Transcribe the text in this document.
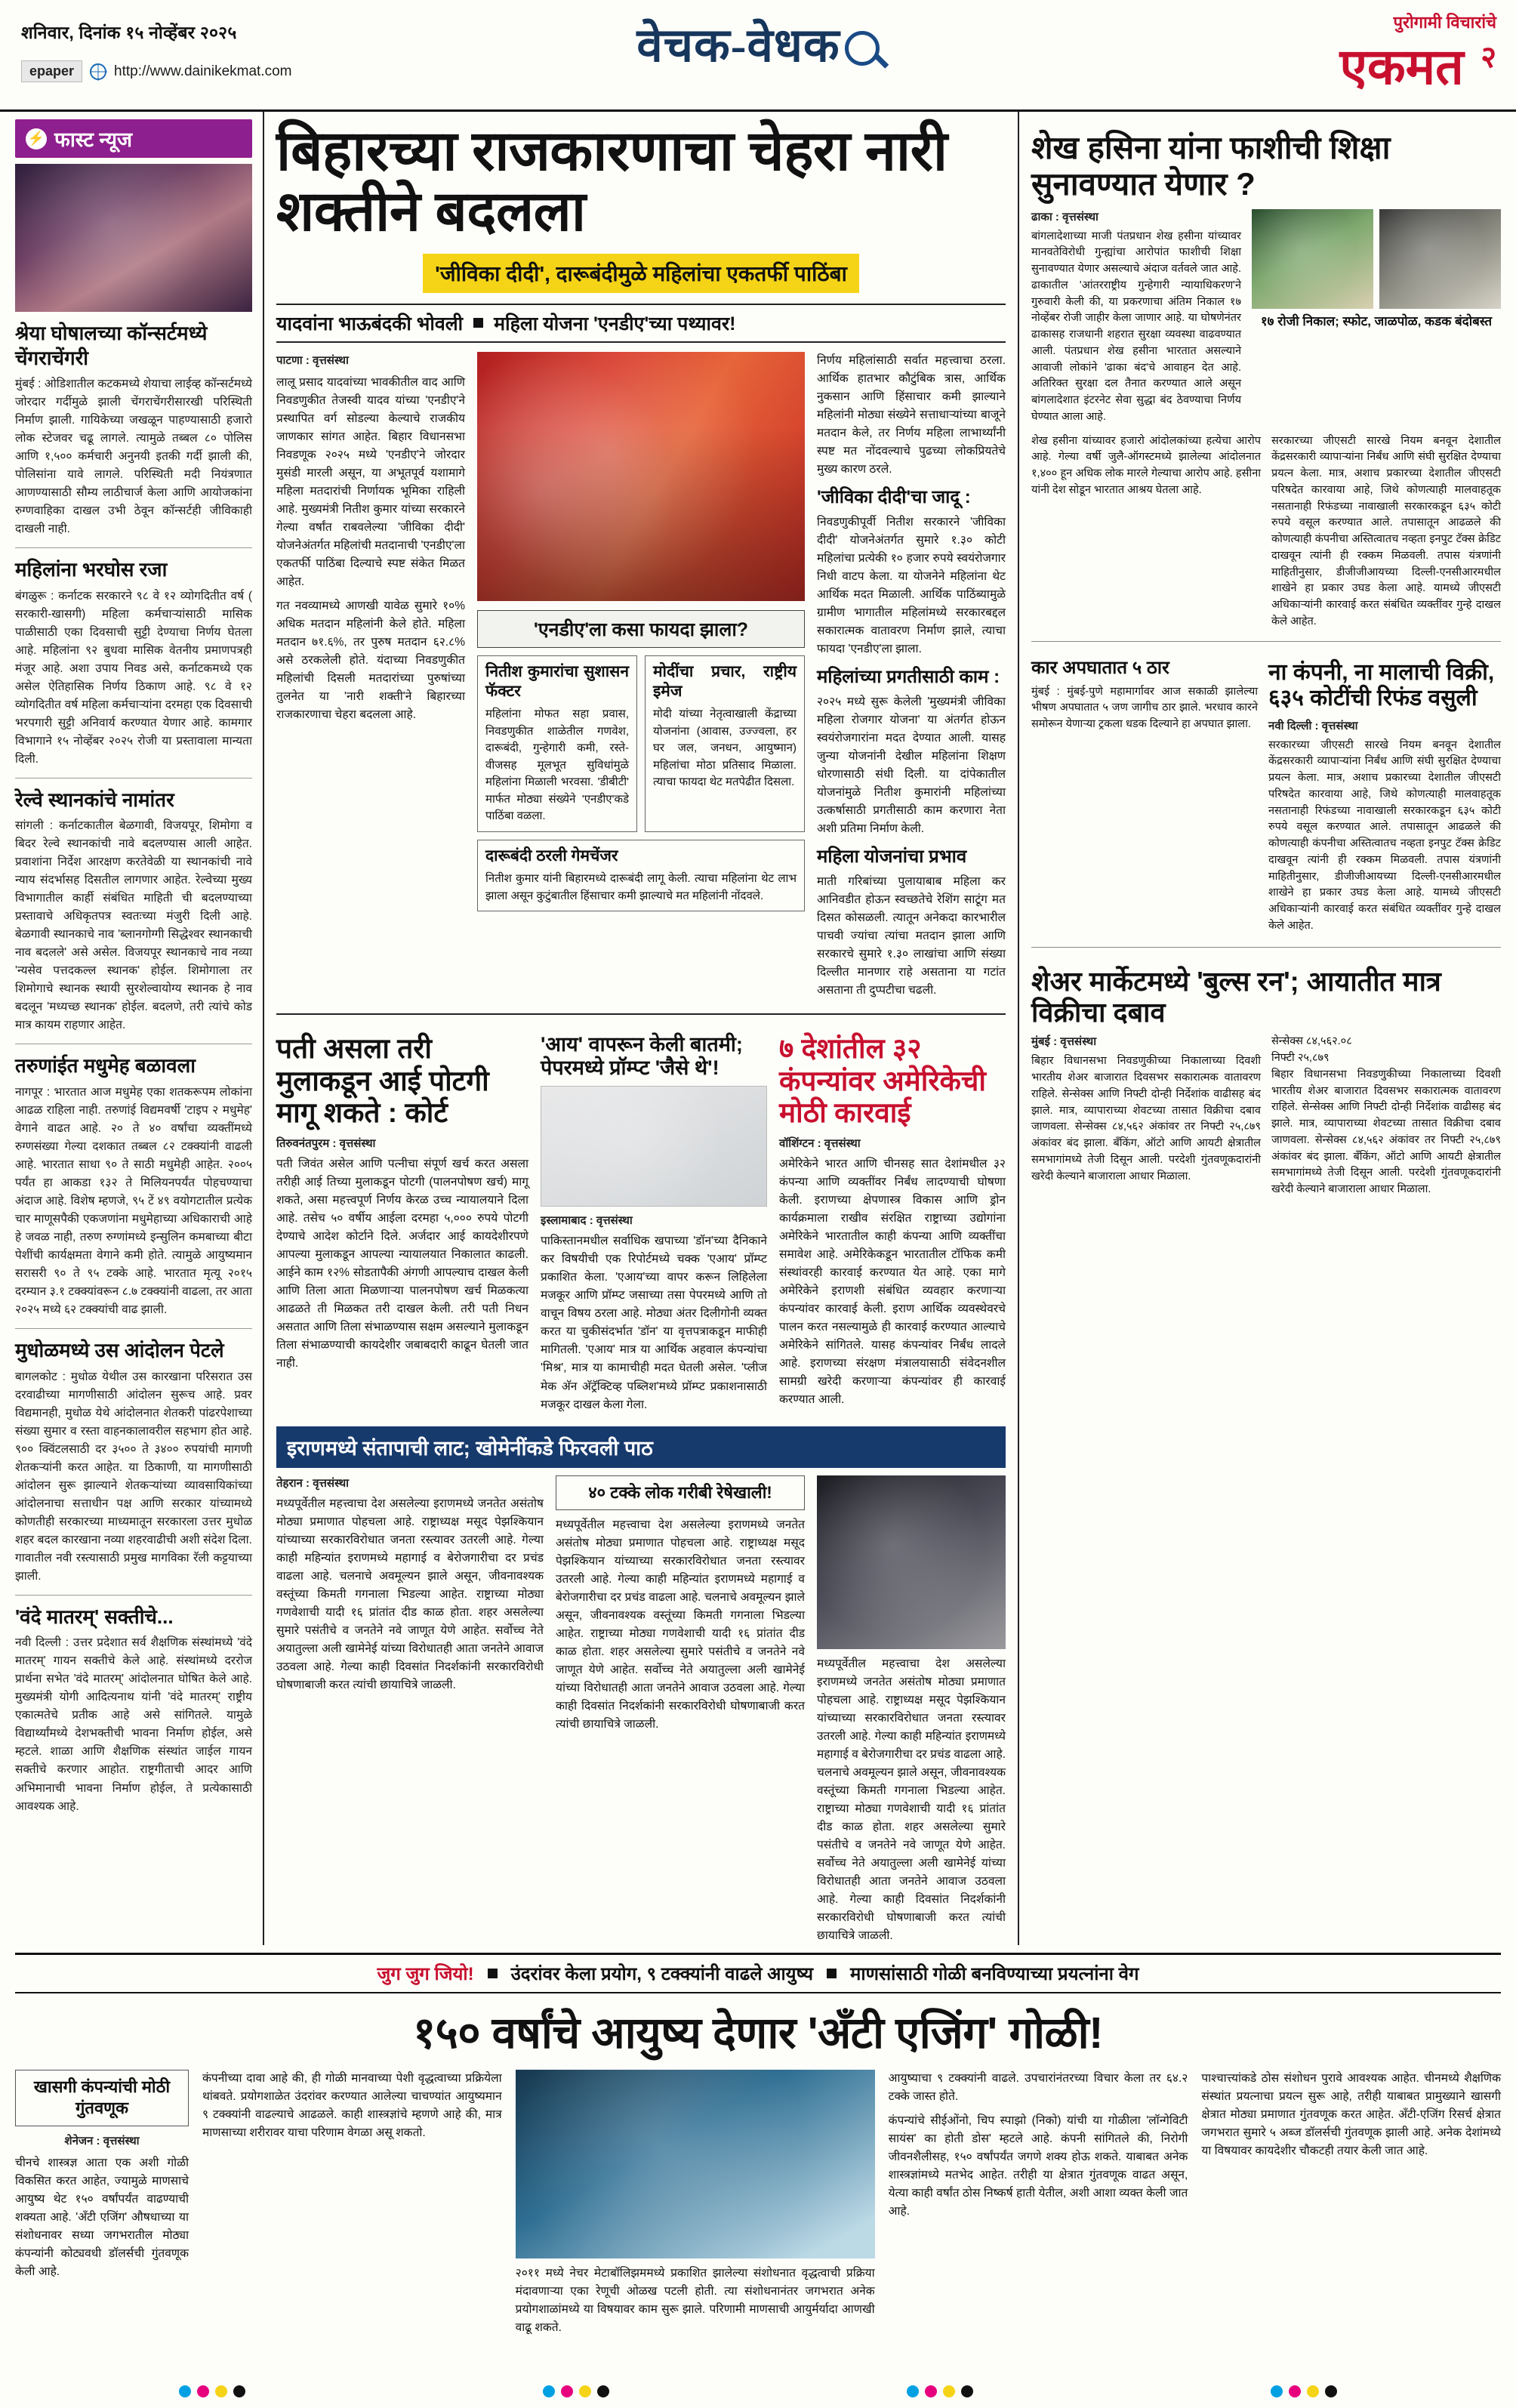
शनिवार, दिनांक १५ नोव्हेंबर २०२५
epaper	http://www.dainikekmat.com	वेचक-वेधक	पुरोगामी विचारांचे
एकमत २
⚡ फास्ट न्यूज
श्रेया घोषालच्या कॉन्सर्टमध्ये चेंगराचेंगरी
मुंबई : ओडिशातील कटकमध्ये शेयाचा लाईव्ह कॉन्सर्टमध्ये जोरदार गर्दीमुळे झाली चेंगराचेंगरीसारखी परिस्थिती निर्माण झाली. गायिकेच्या जखळून पाहण्यासाठी हजारो लोक स्टेजवर चढू लागले. त्यामुळे तब्बल ८० पोलिस आणि १,५०० कर्मचारी अनुनयी इतकी गर्दी झाली की, पोलिसांना यावे लागले. परिस्थिती मदी नियंत्रणात आणण्यासाठी सौम्य लाठीचार्ज केला आणि आयोजकांना रुग्णवाहिका दाखल उभी ठेवून कॉन्सर्टही जीविकाही दाखली नाही.
महिलांना भरघोस रजा
बंगळुरू : कर्नाटक सरकारने ९८ वे १२ व्योगदितीत वर्ष ( सरकारी-खासगी) महिला कर्मचाऱ्यांसाठी मासिक पाळीसाठी एका दिवसाची सुट्टी देण्याचा निर्णय घेतला आहे. महिलांना ९२ बुधवा मासिक वेतनीय प्रमाणपत्रही मंजूर आहे. अशा उपाय निवड असे, कर्नाटकमध्ये एक असेल ऐतिहासिक निर्णय ठिकाण आहे. ९८ वे १२ व्योगदितीत वर्ष महिला कर्मचाऱ्यांना दरमहा एक दिवसाची भरपगारी सुट्टी अनिवार्य करण्यात येणार आहे. कामगार विभागाने १५ नोव्हेंबर २०२५ रोजी या प्रस्तावाला मान्यता दिली.
रेल्वे स्थानकांचे नामांतर
सांगली : कर्नाटकातील बेळगावी, विजयपूर, शिमोगा व बिदर रेल्वे स्थानकांची नावे बदलण्यास आली आहेत. प्रवाशांना निर्देश आरक्षण करतेवेळी या स्थानकांची नावे न्याय संदर्भासह दिसतील लागणार आहेत. रेल्वेच्या मुख्य विभागातील कार्ही संबंधित माहिती ची बदलण्याच्या प्रस्तावाचे अधिकृतपत्र स्वतःच्या मंजुरी दिली आहे. बेळगावी स्थानकाचे नाव 'ब्लानगोग्गी सिद्धेश्वर स्थानकाची नाव बदलले' असे असेल. विजयपूर स्थानकाचे नाव नव्या 'न्यसेव पत्तदकल्ल स्थानक' होईल. शिमोगाला तर शिमोगाचे स्थानक स्थायी सुरशेल्वायोग्य स्थानक हे नाव बदलून 'मध्यच्छ स्थानक' होईल. बदलणे, तरी त्यांचे कोड मात्र कायम राहणार आहेत.
तरुणांईत मधुमेह बळावला
नागपूर : भारतात आज मधुमेह एका शतकरूपम लोकांना आढळ राहिला नाही. तरुणांई विद्यमवर्षी 'टाइप २ मधुमेह' वेगाने वाढत आहे. २० ते ४० वर्षांचा व्यक्तींमध्ये रुग्णसंख्या गेल्या दशकात तब्बल ८२ टक्क्यांनी वाढली आहे. भारतात साधा ९० ते साठी मधुमेही आहेत. २००५ पर्यंत हा आकडा १३२ ते मिलियनपर्यंत पोहचण्याचा अंदाज आहे. विशेष म्हणजे, ९५ टें ४९ वयोगटातील प्रत्येक चार माणूसपैकी एकजणांना मधुमेहाच्या अधिकाराची आहे हे जवळ नाही, तरुण रुग्णांमध्ये इन्सुलिन कमबाच्या बीटा पेशींची कार्यक्षमता वेगाने कमी होते. त्यामुळे आयुष्यमान सरासरी ९० ते ९५ टक्के आहे. भारतात मृत्यू २०१५ दरम्यान ३.१ टक्क्यांवरून ८.७ टक्क्यांनी वाढला, तर आता २०२५ मध्ये ६२ टक्क्यांची वाढ झाली.
मुधोळमध्ये उस आंदोलन पेटले
बागलकोट : मुधोळ येथील उस कारखाना परिसरात उस दरवाढीच्या मागणीसाठी आंदोलन सुरूच आहे. प्रवर विद्यमानही, मुधोळ येथे आंदोलनात शेतकरी पांढरपेशाच्या संख्या सुमार व रस्ता वाहनकालावरील सहभाग होत आहे. ९०० क्विंटलसाठी दर ३५०० ते ३४०० रुपयांची मागणी शेतकऱ्यांनी करत आहेत. या ठिकाणी, या मागणीसाठी आंदोलन सुरू झाल्याने शेतकऱ्यांच्या व्यावसायिकांच्या आंदोलनाचा सत्ताधीन पक्ष आणि सरकार यांच्यामध्ये कोणतीही सरकारच्या माध्यमातून सरकारला उत्तर मुधोळ शहर बदल कारखाना नव्या शहरवाढीची अशी संदेश दिला. गावातील नवी रस्त्यासाठी प्रमुख मागविका रॅली कट्टयाच्या झाली.
'वंदे मातरम्' सक्तीचे...
नवी दिल्ली : उत्तर प्रदेशात सर्व शैक्षणिक संस्थांमध्ये 'वंदे मातरम्' गायन सक्तीचे केले आहे. संस्थांमध्ये दररोज प्रार्थना सभेत 'वंदे मातरम्' आंदोलनात घोषित केले आहे. मुख्यमंत्री योगी आदित्यनाथ यांनी 'वंदे मातरम्' राष्ट्रीय एकात्मतेचे प्रतीक आहे असे सांगितले. यामुळे विद्यार्थ्यांमध्ये देशभक्तीची भावना निर्माण होईल, असे म्हटले. शाळा आणि शैक्षणिक संस्थांत जाईल गायन सक्तीचे करणार आहोत. राष्ट्रगीताची आदर आणि अभिमानाची भावना निर्माण होईल, ते प्रत्येकासाठी आवश्यक आहे.
बिहारच्या राजकारणाचा चेहरा नारी शक्तीने बदलला
'जीविका दीदी', दारूबंदीमुळे महिलांचा एकतर्फी पाठिंबा
यादवांना भाऊबंदकी भोवली महिला योजना 'एनडीए'च्या पथ्यावर!
पाटणा : वृत्तसंस्था
लालू प्रसाद यादवांच्या भावकीतील वाद आणि निवडणुकीत तेजस्वी यादव यांच्या 'एनडीए'ने प्रस्थापित वर्ग सोडल्या केल्याचे राजकीय जाणकार सांगत आहेत. बिहार विधानसभा निवडणूक २०२५ मध्ये 'एनडीए'ने जोरदार मुसंडी मारली असून, या अभूतपूर्व यशामागे महिला मतदारांची निर्णायक भूमिका राहिली आहे. मुख्यमंत्री नितीश कुमार यांच्या सरकारने गेल्या वर्षांत राबवलेल्या 'जीविका दीदी' योजनेअंतर्गत महिलांची मतदानाची 'एनडीए'ला एकतर्फी पाठिंबा दिल्याचे स्पष्ट संकेत मिळत आहेत.
गत नवव्यामध्ये आणखी यावेळ सुमारे १०% अधिक मतदान महिलांनी केले होते. महिला मतदान ७१.६%, तर पुरुष मतदान ६२.८% असे ठरकलेली होते. यंदाच्या निवडणुकीत महिलांची दिसली मतदारांच्या पुरुषांच्या तुलनेत या 'नारी शक्ती'ने बिहारच्या राजकारणाचा चेहरा बदलला आहे.
'एनडीए'ला कसा फायदा झाला?
नितीश कुमारांचा सुशासन फॅक्टर
महिलांना मोफत सहा प्रवास, निवडणुकीत शाळेतील गणवेश, दारूबंदी, गुन्हेगारी कमी, रस्ते-वीजसह मूलभूत सुविधांमुळे महिलांना मिळाली भरवसा. 'डीबीटी' मार्फत मोठ्या संख्येने 'एनडीए'कडे पाठिंबा वळला.
मोदींचा प्रचार, राष्ट्रीय इमेज
मोदी यांच्या नेतृत्वाखाली केंद्राच्या योजनांना (आवास, उज्ज्वला, हर घर जल, जनधन, आयुष्मान) महिलांचा मोठा प्रतिसाद मिळाला. त्याचा फायदा थेट मतपेढीत दिसला.
दारूबंदी ठरली गेमचेंजर
नितीश कुमार यांनी बिहारमध्ये दारूबंदी लागू केली. त्याचा महिलांना थेट लाभ झाला असून कुटुंबातील हिंसाचार कमी झाल्याचे मत महिलांनी नोंदवले.
निर्णय महिलांसाठी सर्वात महत्त्वाचा ठरला. आर्थिक हातभार कौटुंबिक त्रास, आर्थिक नुकसान आणि हिंसाचार कमी झाल्याने महिलांनी मोठ्या संख्येने सत्ताधाऱ्यांच्या बाजूने मतदान केले, तर निर्णय महिला लाभार्थ्यांनी स्पष्ट मत नोंदवल्याचे पुढच्या लोकप्रियतेचे मुख्य कारण ठरले.
'जीविका दीदी'चा जादू :
निवडणुकीपूर्वी नितीश सरकारने 'जीविका दीदी' योजनेअंतर्गत सुमारे १.३० कोटी महिलांचा प्रत्येकी १० हजार रुपये स्वयंरोजगार निधी वाटप केला. या योजनेने महिलांना थेट आर्थिक मदत मिळाली. आर्थिक पाठिंब्यामुळे ग्रामीण भागातील महिलांमध्ये सरकारबद्दल सकारात्मक वातावरण निर्माण झाले, त्याचा फायदा 'एनडीए'ला झाला.
महिलांच्या प्रगतीसाठी काम :
२०२५ मध्ये सुरू केलेली 'मुख्यमंत्री जीविका महिला रोजगार योजना' या अंतर्गत होऊन स्वयंरोजगारांना मदत देण्यात आली. यासह जुन्या योजनांनी देखील महिलांना शिक्षण धोरणासाठी संधी दिली. या दांपेकातील योजनांमुळे नितीश कुमारांनी महिलांच्या उत्कर्षासाठी प्रगतीसाठी काम करणारा नेता अशी प्रतिमा निर्माण केली.
महिला योजनांचा प्रभाव
माती गरिबांच्या पुलायाबाब महिला कर आनिवडीत होऊन स्वच्छतेचे रेशिंग साटूंग मत दिसत कोसळली. त्यातून अनेकदा कारभारील पाचवी ज्यांचा त्यांचा मतदान झाला आणि सरकारचे सुमारे १.३० लाखांचा आणि संख्या दिल्लीत मानणार राहे असताना या गटांत असताना ती दुप्पटीचा चढली.
पती असला तरी मुलाकडून आई पोटगी मागू शकते : कोर्ट
तिरुवनंतपुरम : वृत्तसंस्था
पती जिवंत असेल आणि पत्नीचा संपूर्ण खर्च करत असला तरीही आई तिच्या मुलाकडून पोटगी (पालनपोषण खर्च) मागू शकते, असा महत्त्वपूर्ण निर्णय केरळ उच्च न्यायालयाने दिला आहे. तसेच ५० वर्षीय आईला दरमहा ५,००० रुपये पोटगी देण्याचे आदेश कोर्टाने दिले. अर्जदार आई कायदेशीरपणे आपल्या मुलाकडून आपल्या न्यायालयात निकालात काढली. आईने काम १२% सोडतापैकी अंगणी आपल्याच दाखल केली आणि तिला आता मिळणाऱ्या पालनपोषण खर्च मिळकत्या आढळते ती मिळकत तरी दाखल केली. तरी पती निधन असतात आणि तिला संभाळण्यास सक्षम असल्याने मुलाकडून तिला संभाळण्याची कायदेशीर जबाबदारी काढून घेतली जात नाही.
'आय' वापरून केली बातमी; पेपरमध्ये प्रॉम्प्ट 'जैसे थे'!
इस्लामाबाद : वृत्तसंस्था
पाकिस्तानमधील सर्वाधिक खपाच्या 'डॉन'च्या दैनिकाने कर विषयीची एक रिपोर्टमध्ये चक्क 'एआय' प्रॉम्प्ट प्रकाशित केला. 'एआय'च्या वापर करून लिहिलेला मजकूर आणि प्रॉम्प्ट जसाच्या तसा पेपरमध्ये आणि तो वाचून विषय ठरला आहे. मोठ्या अंतर दिलीगोनी व्यक्त करत या चुकीसंदर्भात 'डॉन' या वृत्तपत्राकडून माफीही मागितली. 'एआय' मात्र या आर्थिक अहवाल कंपन्यांचा 'मिश्र', मात्र या कामाचीही मदत घेतली असेल. 'प्लीज मेक अ‍ॅन अ‍ॅट्रॅक्टिव्ह पब्लिश'मध्ये प्रॉम्प्ट प्रकाशनासाठी मजकूर दाखल केला गेला.
७ देशांतील ३२ कंपन्यांवर अमेरिकेची मोठी कारवाई
वॉशिंग्टन : वृत्तसंस्था
अमेरिकेने भारत आणि चीनसह सात देशांमधील ३२ कंपन्या आणि व्यक्तींवर निर्बंध लादण्याची घोषणा केली. इराणच्या क्षेपणास्त्र विकास आणि ड्रोन कार्यक्रमाला राखीव संरक्षित राष्ट्राच्या उद्योगांना अमेरिकेने भारतातील काही कंपन्या आणि व्यक्तींचा समावेश आहे. अमेरिकेकडून भारतातील टॉफिक कमी संस्थांवरही कारवाई करण्यात येत आहे. एका मागे अमेरिकेने इराणशी संबंधित व्यवहार करणाऱ्या कंपन्यांवर कारवाई केली. इराण आर्थिक व्यवस्थेवरचे पालन करत नसल्यामुळे ही कारवाई करण्यात आल्याचे अमेरिकेने सांगितले. यासह कंपन्यांवर निर्बंध लादले आहे. इराणच्या संरक्षण मंत्रालयासाठी संवेदनशील सामग्री खरेदी करणाऱ्या कंपन्यांवर ही कारवाई करण्यात आली.
इराणमध्ये संतापाची लाट; खोमेनींकडे फिरवली पाठ
तेहरान : वृत्तसंस्था
मध्यपूर्वेतील महत्त्वाचा देश असलेल्या इराणमध्ये जनतेत असंतोष मोठ्या प्रमाणात पोहचला आहे. राष्ट्राध्यक्ष मसूद पेझश्कियान यांच्याच्या सरकारविरोधात जनता रस्त्यावर उतरली आहे. गेल्या काही महिन्यांत इराणमध्ये महागाई व बेरोजगारीचा दर प्रचंड वाढला आहे. चलनाचे अवमूल्यन झाले असून, जीवनावश्यक वस्तूंच्या किमती गगनाला भिडल्या आहेत. राष्ट्राच्या मोठ्या गणवेशाची यादी १६ प्रांतांत दीड काळ होता. शहर असलेल्या सुमारे पसंतीचे व जनतेने नवे जाणूत येणे आहेत. सर्वोच्च नेते अयातुल्ला अली खामेनेई यांच्या विरोधातही आता जनतेने आवाज उठवला आहे. गेल्या काही दिवसांत निदर्शकांनी सरकारविरोधी घोषणाबाजी करत त्यांची छायाचित्रे जाळली.
४० टक्के लोक गरीबी रेषेखाली!
मध्यपूर्वेतील महत्त्वाचा देश असलेल्या इराणमध्ये जनतेत असंतोष मोठ्या प्रमाणात पोहचला आहे. राष्ट्राध्यक्ष मसूद पेझश्कियान यांच्याच्या सरकारविरोधात जनता रस्त्यावर उतरली आहे. गेल्या काही महिन्यांत इराणमध्ये महागाई व बेरोजगारीचा दर प्रचंड वाढला आहे. चलनाचे अवमूल्यन झाले असून, जीवनावश्यक वस्तूंच्या किमती गगनाला भिडल्या आहेत. राष्ट्राच्या मोठ्या गणवेशाची यादी १६ प्रांतांत दीड काळ होता. शहर असलेल्या सुमारे पसंतीचे व जनतेने नवे जाणूत येणे आहेत. सर्वोच्च नेते अयातुल्ला अली खामेनेई यांच्या विरोधातही आता जनतेने आवाज उठवला आहे. गेल्या काही दिवसांत निदर्शकांनी सरकारविरोधी घोषणाबाजी करत त्यांची छायाचित्रे जाळली.
मध्यपूर्वेतील महत्त्वाचा देश असलेल्या इराणमध्ये जनतेत असंतोष मोठ्या प्रमाणात पोहचला आहे. राष्ट्राध्यक्ष मसूद पेझश्कियान यांच्याच्या सरकारविरोधात जनता रस्त्यावर उतरली आहे. गेल्या काही महिन्यांत इराणमध्ये महागाई व बेरोजगारीचा दर प्रचंड वाढला आहे. चलनाचे अवमूल्यन झाले असून, जीवनावश्यक वस्तूंच्या किमती गगनाला भिडल्या आहेत. राष्ट्राच्या मोठ्या गणवेशाची यादी १६ प्रांतांत दीड काळ होता. शहर असलेल्या सुमारे पसंतीचे व जनतेने नवे जाणूत येणे आहेत. सर्वोच्च नेते अयातुल्ला अली खामेनेई यांच्या विरोधातही आता जनतेने आवाज उठवला आहे. गेल्या काही दिवसांत निदर्शकांनी सरकारविरोधी घोषणाबाजी करत त्यांची छायाचित्रे जाळली.
शेख हसिना यांना फाशीची शिक्षा सुनावण्यात येणार ?
ढाका : वृत्तसंस्था
बांगलादेशाच्या माजी पंतप्रधान शेख हसीना यांच्यावर मानवतेविरोधी गुन्ह्यांचा आरोपांत फाशीची शिक्षा सुनावण्यात येणार असल्याचे अंदाज वर्तवले जात आहे. ढाकातील 'आंतरराष्ट्रीय गुन्हेगारी न्यायाधिकरण'ने गुरुवारी केली की, या प्रकरणाचा अंतिम निकाल १७ नोव्हेंबर रोजी जाहीर केला जाणार आहे. या घोषणेनंतर ढाकासह राजधानी शहरात सुरक्षा व्यवस्था वाढवण्यात आली. पंतप्रधान शेख हसीना भारतात असल्याने आवाजी लोकांने 'ढाका बंद'चे आवाहन देत आहे. अतिरिक्त सुरक्षा दल तैनात करण्यात आले असून बांगलादेशात इंटरनेट सेवा सुद्धा बंद ठेवण्याचा निर्णय घेण्यात आला आहे.
१७ रोजी निकाल; स्फोट, जाळपोळ, कडक बंदोबस्त
शेख हसीना यांच्यावर हजारो आंदोलकांच्या हत्येचा आरोप आहे. गेल्या वर्षी जुलै-ऑगस्टमध्ये झालेल्या आंदोलनात १,४०० हून अधिक लोक मारले गेल्याचा आरोप आहे. हसीना यांनी देश सोडून भारतात आश्रय घेतला आहे.
सरकारच्या जीएसटी सारखे नियम बनवून देशातील केंद्रसरकारी व्यापाऱ्यांना निर्बंध आणि संघी सुरक्षित देण्याचा प्रयत्न केला. मात्र, अशाच प्रकारच्या देशातील जीएसटी परिषदेत कारवाया आहे, जिथे कोणत्याही मालवाहतूक नसतानाही रिफंडच्या नावाखाली सरकारकडून ६३५ कोटी रुपये वसूल करण्यात आले. तपासातून आढळले की कोणत्याही कंपनीचा अस्तित्वातच नव्हता इनपुट टॅक्स क्रेडिट दाखवून त्यांनी ही रक्कम मिळवली. तपास यंत्रणांनी माहितीनुसार, डीजीजीआयच्या दिल्ली-एनसीआरमधील शाखेने हा प्रकार उघड केला आहे. यामध्ये जीएसटी अधिकाऱ्यांनी कारवाई करत संबंधित व्यक्तींवर गुन्हे दाखल केले आहेत.
कार अपघातात ५ ठार
मुंबई : मुंबई-पुणे महामार्गावर आज सकाळी झालेल्या भीषण अपघातात ५ जण जागीच ठार झाले. भरधाव कारने समोरून येणाऱ्या ट्रकला धडक दिल्याने हा अपघात झाला.
ना कंपनी, ना मालाची विक्री, ६३५ कोटींची रिफंड वसुली
नवी दिल्ली : वृत्तसंस्था
सरकारच्या जीएसटी सारखे नियम बनवून देशातील केंद्रसरकारी व्यापाऱ्यांना निर्बंध आणि संघी सुरक्षित देण्याचा प्रयत्न केला. मात्र, अशाच प्रकारच्या देशातील जीएसटी परिषदेत कारवाया आहे, जिथे कोणत्याही मालवाहतूक नसतानाही रिफंडच्या नावाखाली सरकारकडून ६३५ कोटी रुपये वसूल करण्यात आले. तपासातून आढळले की कोणत्याही कंपनीचा अस्तित्वातच नव्हता इनपुट टॅक्स क्रेडिट दाखवून त्यांनी ही रक्कम मिळवली. तपास यंत्रणांनी माहितीनुसार, डीजीजीआयच्या दिल्ली-एनसीआरमधील शाखेने हा प्रकार उघड केला आहे. यामध्ये जीएसटी अधिकाऱ्यांनी कारवाई करत संबंधित व्यक्तींवर गुन्हे दाखल केले आहेत.
शेअर मार्केटमध्ये 'बुल्स रन'; आयातीत मात्र विक्रीचा दबाव
मुंबई : वृत्तसंस्था
बिहार विधानसभा निवडणुकीच्या निकालाच्या दिवशी भारतीय शेअर बाजारात दिवसभर सकारात्मक वातावरण राहिले. सेन्सेक्स आणि निफ्टी दोन्ही निर्देशांक वाढीसह बंद झाले. मात्र, व्यापाराच्या शेवटच्या तासात विक्रीचा दबाव जाणवला. सेन्सेक्स ८४,५६२ अंकांवर तर निफ्टी २५,८७९ अंकांवर बंद झाला. बँकिंग, ऑटो आणि आयटी क्षेत्रातील समभागांमध्ये तेजी दिसून आली. परदेशी गुंतवणूकदारांनी खरेदी केल्याने बाजाराला आधार मिळाला.
सेन्सेक्स ८४,५६२.०८
निफ्टी २५,८७९
बिहार विधानसभा निवडणुकीच्या निकालाच्या दिवशी भारतीय शेअर बाजारात दिवसभर सकारात्मक वातावरण राहिले. सेन्सेक्स आणि निफ्टी दोन्ही निर्देशांक वाढीसह बंद झाले. मात्र, व्यापाराच्या शेवटच्या तासात विक्रीचा दबाव जाणवला. सेन्सेक्स ८४,५६२ अंकांवर तर निफ्टी २५,८७९ अंकांवर बंद झाला. बँकिंग, ऑटो आणि आयटी क्षेत्रातील समभागांमध्ये तेजी दिसून आली. परदेशी गुंतवणूकदारांनी खरेदी केल्याने बाजाराला आधार मिळाला.
जुग जुग जियो! उंदरांवर केला प्रयोग, ९ टक्क्यांनी वाढले आयुष्य माणसांसाठी गोळी बनविण्याच्या प्रयत्नांना वेग
१५० वर्षांचे आयुष्य देणार 'अ‍ॅंटी एजिंग' गोळी!
खासगी कंपन्यांची मोठी गुंतवणूक
शेनेजन : वृत्तसंस्था
चीनचे शास्त्रज्ञ आता एक अशी गोळी विकसित करत आहेत, ज्यामुळे माणसाचे आयुष्य थेट १५० वर्षांपर्यंत वाढण्याची शक्यता आहे. 'अ‍ॅंटी एजिंग' औषधाच्या या संशोधनावर सध्या जगभरातील मोठ्या कंपन्यांनी कोट्यवधी डॉलर्सची गुंतवणूक केली आहे.
कंपनीच्या दावा आहे की, ही गोळी मानवाच्या पेशी वृद्धत्वाच्या प्रक्रियेला थांबवते. प्रयोगशाळेत उंदरांवर करण्यात आलेल्या चाचण्यांत आयुष्यमान ९ टक्क्यांनी वाढल्याचे आढळले. काही शास्त्रज्ञांचे म्हणणे आहे की, मात्र माणसाच्या शरीरावर याचा परिणाम वेगळा असू शकतो.
२०११ मध्ये नेचर मेटाबॉलिझममध्ये प्रकाशित झालेल्या संशोधनात वृद्धत्वाची प्रक्रिया मंदावणाऱ्या एका रेणूची ओळख पटली होती. त्या संशोधनानंतर जगभरात अनेक प्रयोगशाळांमध्ये या विषयावर काम सुरू झाले. परिणामी माणसाची आयुर्मर्यादा आणखी वाढू शकते.
आयुष्याचा ९ टक्क्यांनी वाढले. उपचारांनंतरच्या विचार केला तर ६४.२ टक्के जास्त होते.
कंपन्यांचे सीईओंनो, चिप स्पाझो (निको) यांची या गोळीला 'लॉन्गेविटी सायंस' का होती डोस' म्हटले आहे. कंपनी सांगितले की, निरोगी जीवनशैलीसह, १५० वर्षांपर्यंत जगणे शक्य होऊ शकते. याबाबत अनेक शास्त्रज्ञांमध्ये मतभेद आहेत. तरीही या क्षेत्रात गुंतवणूक वाढत असून, येत्या काही वर्षांत ठोस निष्कर्ष हाती येतील, अशी आशा व्यक्त केली जात आहे.
पाश्चात्त्यांकडे ठोस संशोधन पुरावे आवश्यक आहेत. चीनमध्ये शैक्षणिक संस्थांत प्रयत्नाचा प्रयत्न सुरू आहे, तरीही याबाबत प्रामुख्याने खासगी क्षेत्रात मोठ्या प्रमाणात गुंतवणूक करत आहेत. अँटी-एजिंग रिसर्च क्षेत्रात जगभरात सुमारे ५ अब्ज डॉलर्सची गुंतवणूक झाली आहे. अनेक देशांमध्ये या विषयावर कायदेशीर चौकटही तयार केली जात आहे.
